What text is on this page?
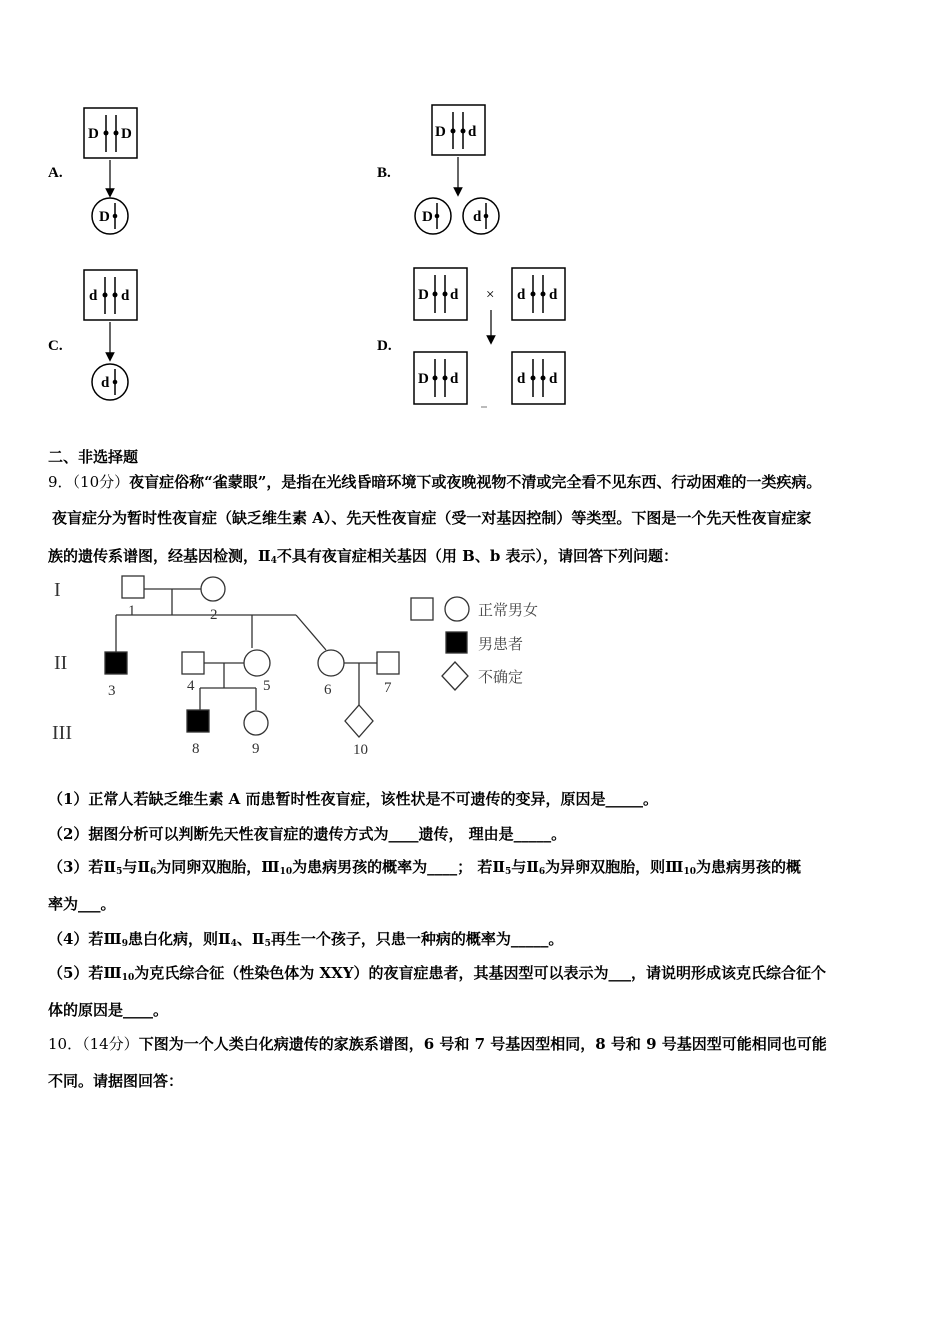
A.	B.
C.	D.
D D
D
D d
D	d
d d
d
D d × d d
D d	d d
二、非选择题
9．（10分）夜盲症俗称“雀蒙眼”，是指在光线昏暗环境下或夜晚视物不清或完全看不见东西、行动困难的一类疾病。
夜盲症分为暂时性夜盲症（缺乏维生素 A）、先天性夜盲症（受一对基因控制）等类型。下图是一个先天性夜盲症家
族的遗传系谱图，经基因检测，$Ⅱ_4$不具有夜盲症相关基因（用 B、b 表示），请回答下列问题：
I
II
III
1	2
3	4	5	6	7
8	9	10
正常男女
男患者
不确定
（1）正常人若缺乏维生素 A 而患暂时性夜盲症，该性状是不可遗传的变异，原因是_____。
（2）据图分析可以判断先天性夜盲症的遗传方式为____遗传， 理由是_____。
（3）若$Ⅱ_5$与$Ⅱ_6$为同卵双胞胎，$Ⅲ_{10}$为患病男孩的概率为____； 若$Ⅱ_5$与$Ⅱ_6$为异卵双胞胎，则$Ⅲ_{10}$为患病男孩的概
率为___。
（4）若$Ⅲ_9$患白化病，则$Ⅱ_4$、$Ⅱ_5$再生一个孩子，只患一种病的概率为_____。
（5）若$Ⅲ_{10}$为克氏综合征（性染色体为 XXY）的夜盲症患者，其基因型可以表示为___，请说明形成该克氏综合征个
体的原因是____。
10．（14分）下图为一个人类白化病遗传的家族系谱图，6 号和 7 号基因型相同，8 号和 9 号基因型可能相同也可能
不同。请据图回答：
